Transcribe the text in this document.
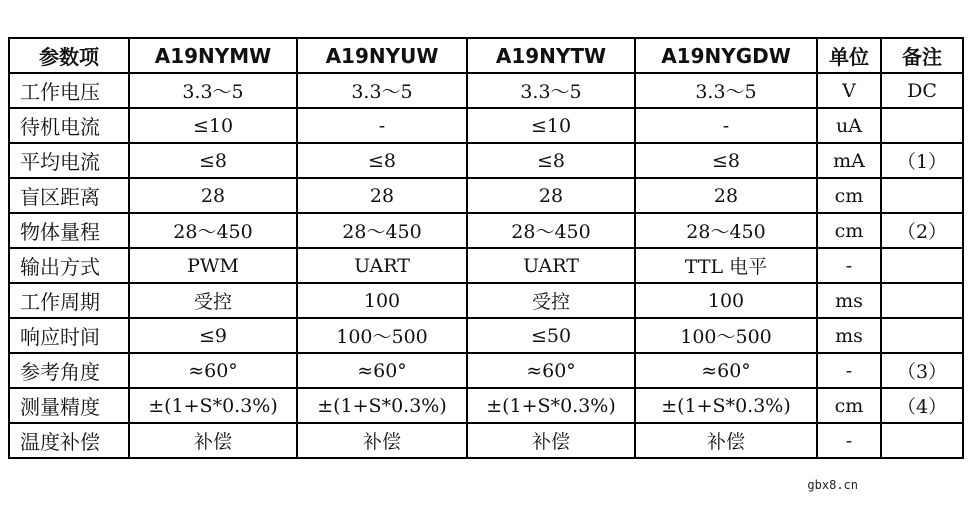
参数项	A19NYMW	A19NYUW	A19NYTW	A19NYGDW	单位	备注
工作电压	3.3～5	3.3～5	3.3～5	3.3～5	V	DC
待机电流	≤10	-	≤10	-	uA	
平均电流	≤8	≤8	≤8	≤8	mA	（1）
盲区距离	28	28	28	28	cm	
物体量程	28～450	28～450	28～450	28～450	cm	（2）
输出方式	PWM	UART	UART	TTL 电平	-	
工作周期	受控	100	受控	100	ms	
响应时间	≤9	100～500	≤50	100～500	ms	
参考角度	≈60°	≈60°	≈60°	≈60°	-	（3）
测量精度	±(1+S*0.3%)	±(1+S*0.3%)	±(1+S*0.3%)	±(1+S*0.3%)	cm	（4）
温度补偿	补偿	补偿	补偿	补偿	-	
gbx8.cn
